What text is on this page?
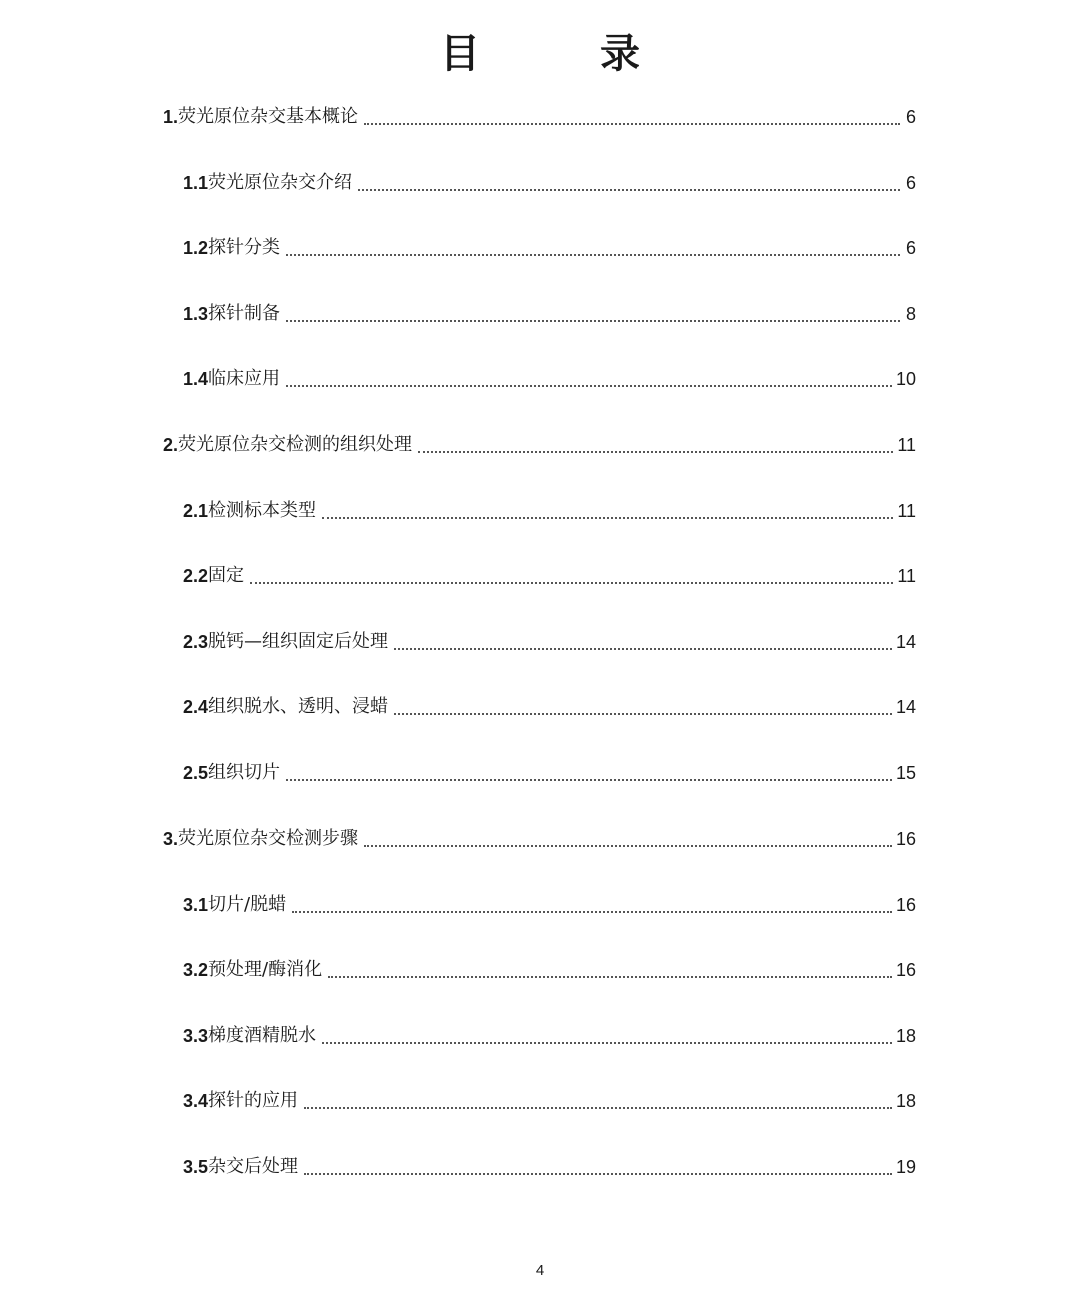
目　录
1. 荧光原位杂交基本概论	6
1.1 荧光原位杂交介绍	6
1.2 探针分类	6
1.3 探针制备	8
1.4 临床应用	10
2. 荧光原位杂交检测的组织处理	11
2.1 检测标本类型	11
2.2 固定	11
2.3 脱钙—组织固定后处理	14
2.4 组织脱水、透明、浸蜡	14
2.5 组织切片	15
3. 荧光原位杂交检测步骤	16
3.1 切片/脱蜡	16
3.2 预处理/酶消化	16
3.3 梯度酒精脱水	18
3.4 探针的应用	18
3.5 杂交后处理	19
4
